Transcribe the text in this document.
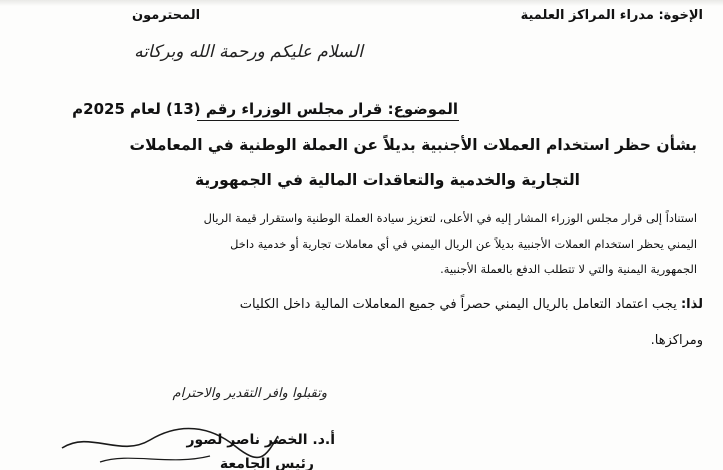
الإخوة: مدراء المراكز العلمية
المحترمون
السلام عليكم ورحمة الله وبركاته
الموضوع: قرار مجلس الوزراء رقم (13) لعام 2025م
بشأن حظر استخدام العملات الأجنبية بديلاً عن العملة الوطنية في المعاملات
التجارية والخدمية والتعاقدات المالية في الجمهورية
استناداً إلى قرار مجلس الوزراء المشار إليه في الأعلى، لتعزيز سيادة العملة الوطنية واستقرار قيمة الريال
اليمني يحظر استخدام العملات الأجنبية بديلاً عن الريال اليمني في أي معاملات تجارية أو خدمية داخل
الجمهورية اليمنية والتي لا تتطلب الدفع بالعملة الأجنبية.
لذا: يجب اعتماد التعامل بالريال اليمني حصراً في جميع المعاملات المالية داخل الكليات
ومراكزها.
وتقبلوا وافر التقدير والاحترام
أ.د. الخضر ناصر لصور
رئيس الجامعة
